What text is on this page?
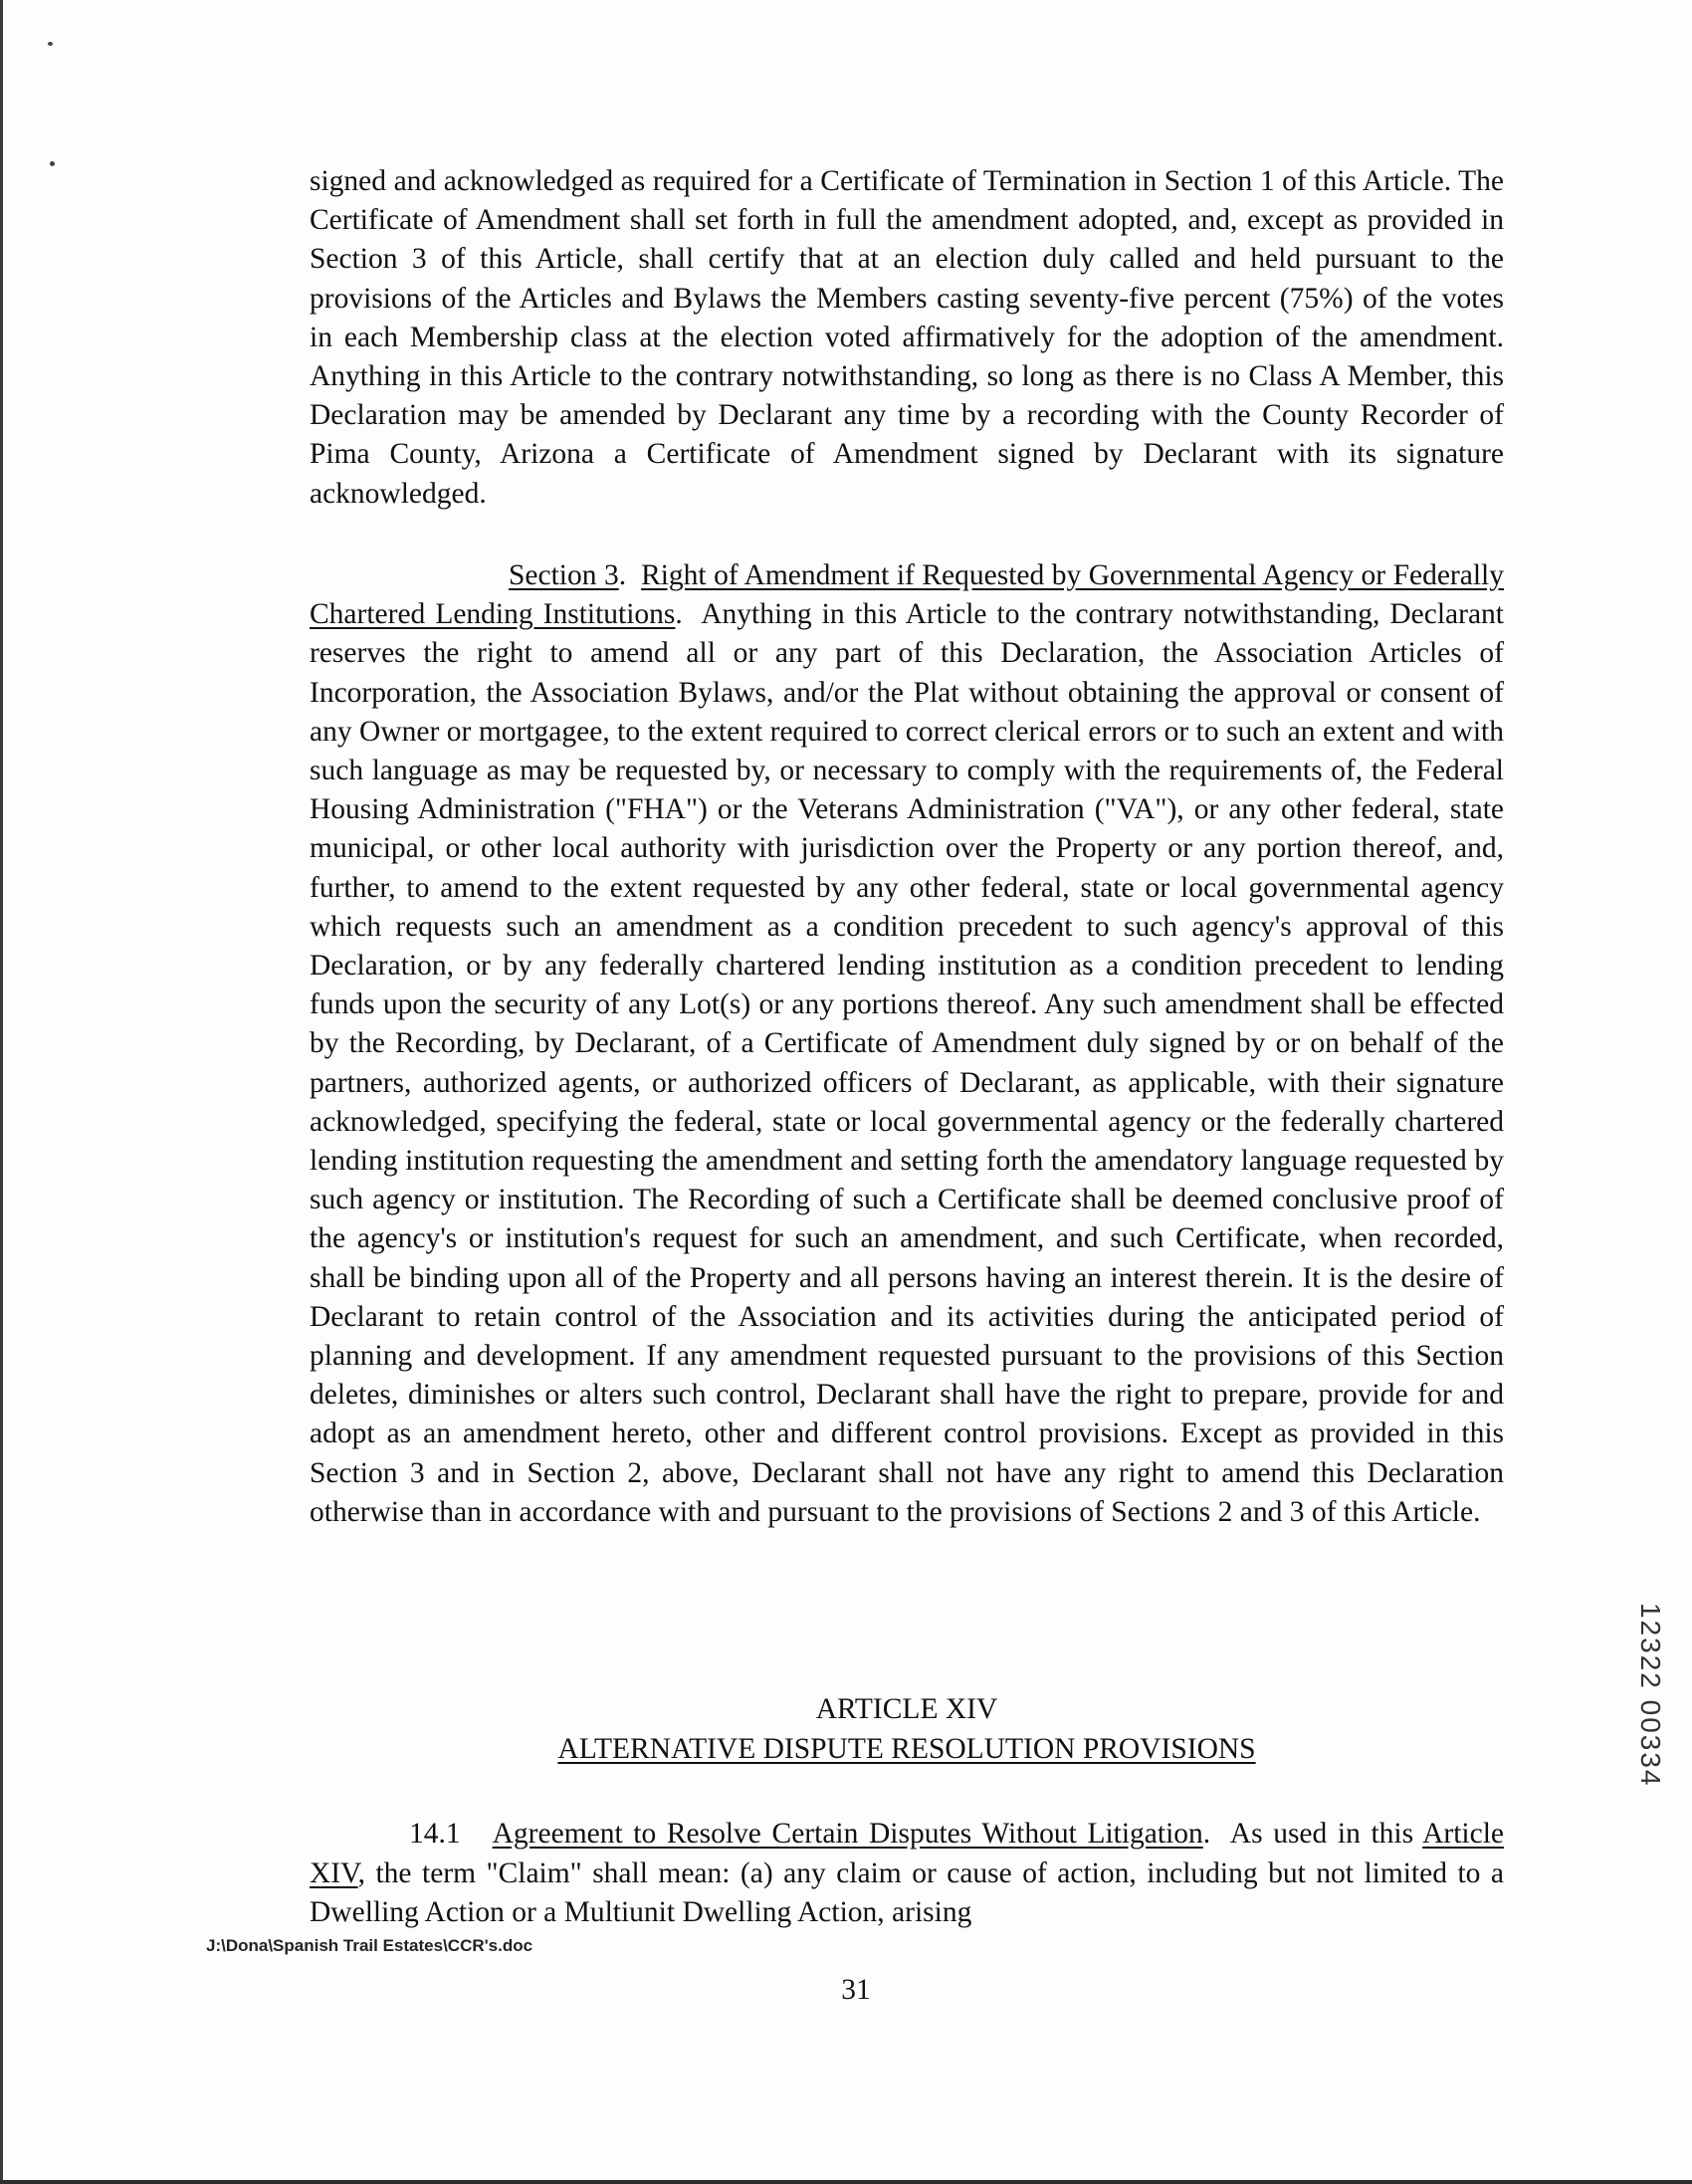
signed and acknowledged as required for a Certificate of Termination in Section 1 of this Article. The Certificate of Amendment shall set forth in full the amendment adopted, and, except as provided in Section 3 of this Article, shall certify that at an election duly called and held pursuant to the provisions of the Articles and Bylaws the Members casting seventy-five percent (75%) of the votes in each Membership class at the election voted affirmatively for the adoption of the amendment. Anything in this Article to the contrary notwithstanding, so long as there is no Class A Member, this Declaration may be amended by Declarant any time by a recording with the County Recorder of Pima County, Arizona a Certificate of Amendment signed by Declarant with its signature acknowledged.
Section 3.  Right of Amendment if Requested by Governmental Agency or Federally Chartered Lending Institutions.  Anything in this Article to the contrary notwithstanding, Declarant reserves the right to amend all or any part of this Declaration, the Association Articles of Incorporation, the Association Bylaws, and/or the Plat without obtaining the approval or consent of any Owner or mortgagee, to the extent required to correct clerical errors or to such an extent and with such language as may be requested by, or necessary to comply with the requirements of, the Federal Housing Administration ("FHA") or the Veterans Administration ("VA"), or any other federal, state municipal, or other local authority with jurisdiction over the Property or any portion thereof, and, further, to amend to the extent requested by any other federal, state or local governmental agency which requests such an amendment as a condition precedent to such agency's approval of this Declaration, or by any federally chartered lending institution as a condition precedent to lending funds upon the security of any Lot(s) or any portions thereof. Any such amendment shall be effected by the Recording, by Declarant, of a Certificate of Amendment duly signed by or on behalf of the partners, authorized agents, or authorized officers of Declarant, as applicable, with their signature acknowledged, specifying the federal, state or local governmental agency or the federally chartered lending institution requesting the amendment and setting forth the amendatory language requested by such agency or institution. The Recording of such a Certificate shall be deemed conclusive proof of the agency's or institution's request for such an amendment, and such Certificate, when recorded, shall be binding upon all of the Property and all persons having an interest therein. It is the desire of Declarant to retain control of the Association and its activities during the anticipated period of planning and development. If any amendment requested pursuant to the provisions of this Section deletes, diminishes or alters such control, Declarant shall have the right to prepare, provide for and adopt as an amendment hereto, other and different control provisions. Except as provided in this Section 3 and in Section 2, above, Declarant shall not have any right to amend this Declaration otherwise than in accordance with and pursuant to the provisions of Sections 2 and 3 of this Article.
ARTICLE XIV
ALTERNATIVE DISPUTE RESOLUTION PROVISIONS
14.1 Agreement to Resolve Certain Disputes Without Litigation.  As used in this Article XIV, the term "Claim" shall mean: (a) any claim or cause of action, including but not limited to a Dwelling Action or a Multiunit Dwelling Action, arising
J:\Dona\Spanish Trail Estates\CCR's.doc
31
12322 00334
